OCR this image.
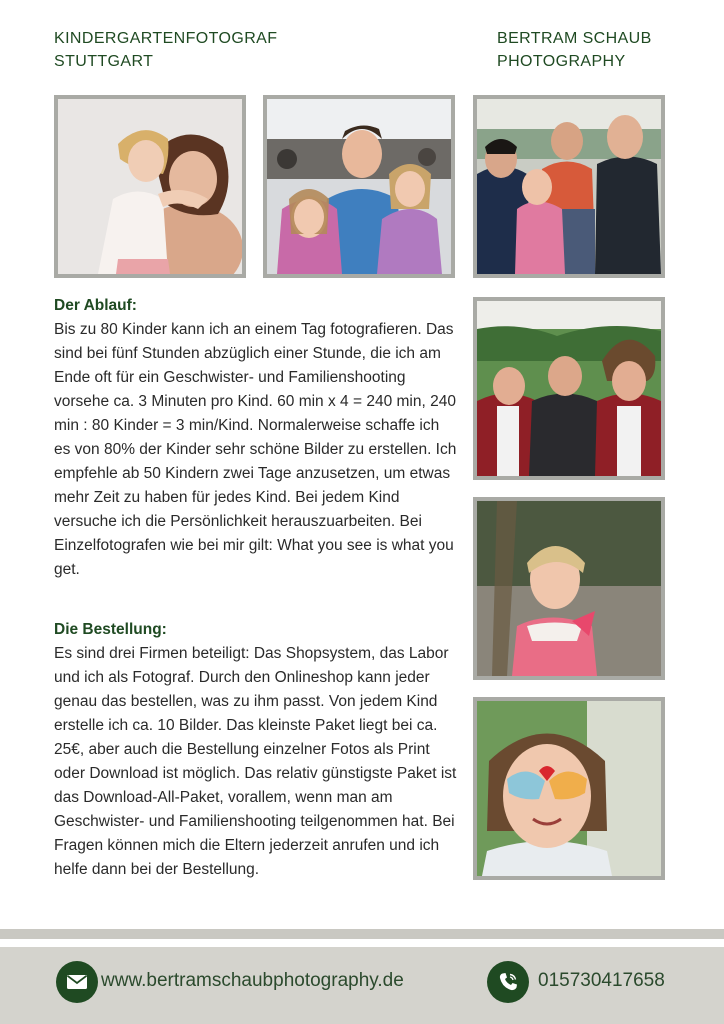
KINDERGARTENFOTOGRAF
STUTTGART
BERTRAM SCHAUB
PHOTOGRAPHY
Der Ablauf:

Bis zu 80 Kinder kann ich an einem Tag fotografieren. Das sind bei fünf Stunden abzüglich einer Stunde, die ich am Ende oft für ein Geschwister- und Familienshooting vorsehe ca. 3 Minuten pro Kind. 60 min x 4 = 240 min, 240 min : 80 Kinder = 3 min/Kind. Normalerweise schaffe ich es von 80% der Kinder sehr schöne Bilder zu erstellen. Ich empfehle ab 50 Kindern zwei Tage anzusetzen, um etwas mehr Zeit zu haben für jedes Kind. Bei jedem Kind versuche ich die Persönlichkeit herauszuarbeiten. Bei Einzelfotografen wie bei mir gilt: What you see is what you get.

Die Bestellung:

Es sind drei Firmen beteiligt: Das Shopsystem, das Labor und ich als Fotograf. Durch den Onlineshop kann jeder genau das bestellen, was zu ihm passt. Von jedem Kind erstelle ich ca. 10 Bilder. Das kleinste Paket liegt bei ca. 25€, aber auch die Bestellung einzelner Fotos als Print oder Download ist möglich. Das relativ günstigste Paket ist das Download-All-Paket, vorallem, wenn man am Geschwister- und Familienshooting teilgenommen hat. Bei Fragen können mich die Eltern jederzeit anrufen und ich helfe dann bei der Bestellung.

www.bertramschaubphotography.de	015730417658
